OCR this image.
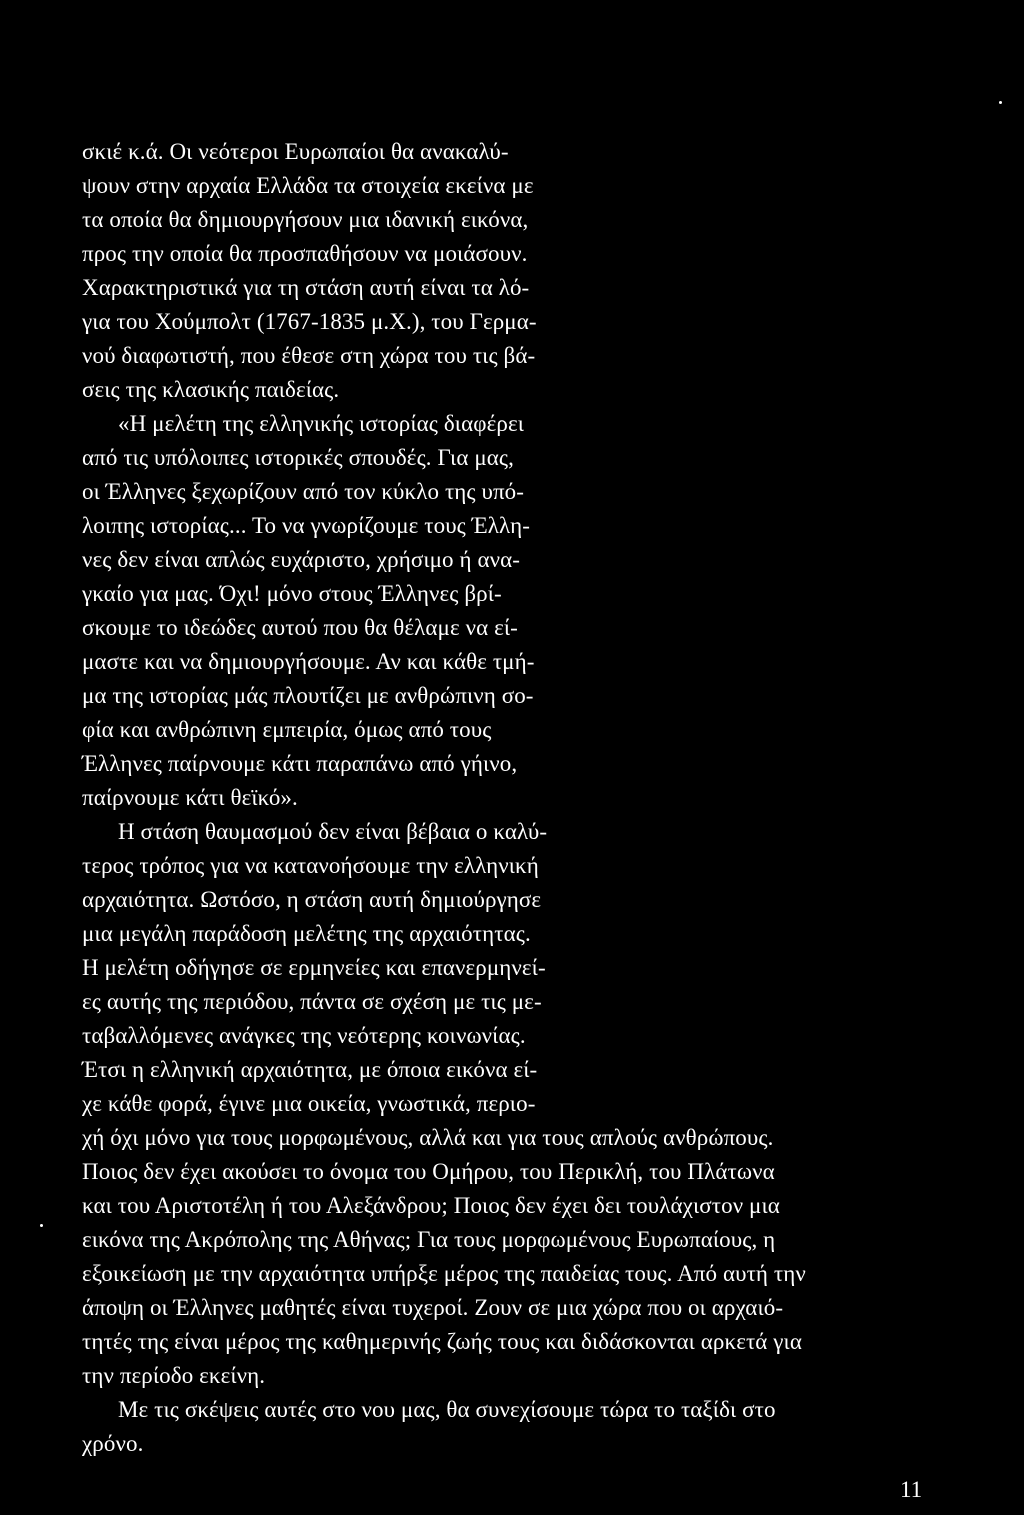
σκιέ κ.ά. Οι νεότεροι Ευρωπαίοι θα ανακαλύ-
ψουν στην αρχαία Ελλάδα τα στοιχεία εκείνα με
τα οποία θα δημιουργήσουν μια ιδανική εικόνα,
προς την οποία θα προσπαθήσουν να μοιάσουν.
Χαρακτηριστικά για τη στάση αυτή είναι τα λό-
για του Χούμπολτ (1767-1835 μ.Χ.), του Γερμα-
νού διαφωτιστή, που έθεσε στη χώρα του τις βά-
σεις της κλασικής παιδείας.
«Η μελέτη της ελληνικής ιστορίας διαφέρει
από τις υπόλοιπες ιστορικές σπουδές. Για μας,
οι Έλληνες ξεχωρίζουν από τον κύκλο της υπό-
λοιπης ιστορίας... Το να γνωρίζουμε τους Έλλη-
νες δεν είναι απλώς ευχάριστο, χρήσιμο ή ανα-
γκαίο για μας. Όχι! μόνο στους Έλληνες βρί-
σκουμε το ιδεώδες αυτού που θα θέλαμε να εί-
μαστε και να δημιουργήσουμε. Αν και κάθε τμή-
μα της ιστορίας μάς πλουτίζει με ανθρώπινη σο-
φία και ανθρώπινη εμπειρία, όμως από τους
Έλληνες παίρνουμε κάτι παραπάνω από γήινο,
παίρνουμε κάτι θεϊκό».
Η στάση θαυμασμού δεν είναι βέβαια ο καλύ-
τερος τρόπος για να κατανοήσουμε την ελληνική
αρχαιότητα. Ωστόσο, η στάση αυτή δημιούργησε
μια μεγάλη παράδοση μελέτης της αρχαιότητας.
Η μελέτη οδήγησε σε ερμηνείες και επανερμηνεί-
ες αυτής της περιόδου, πάντα σε σχέση με τις με-
ταβαλλόμενες ανάγκες της νεότερης κοινωνίας.
Έτσι η ελληνική αρχαιότητα, με όποια εικόνα εί-
χε κάθε φορά, έγινε μια οικεία, γνωστικά, περιο-
χή όχι μόνο για τους μορφωμένους, αλλά και για τους απλούς ανθρώπους.
Ποιος δεν έχει ακούσει το όνομα του Ομήρου, του Περικλή, του Πλάτωνα
και του Αριστοτέλη ή του Αλεξάνδρου; Ποιος δεν έχει δει τουλάχιστον μια
εικόνα της Ακρόπολης της Αθήνας; Για τους μορφωμένους Ευρωπαίους, η
εξοικείωση με την αρχαιότητα υπήρξε μέρος της παιδείας τους. Από αυτή την
άποψη οι Έλληνες μαθητές είναι τυχεροί. Ζουν σε μια χώρα που οι αρχαιό-
τητές της είναι μέρος της καθημερινής ζωής τους και διδάσκονται αρκετά για
την περίοδο εκείνη.
Με τις σκέψεις αυτές στο νου μας, θα συνεχίσουμε τώρα το ταξίδι στο
χρόνο.
11
